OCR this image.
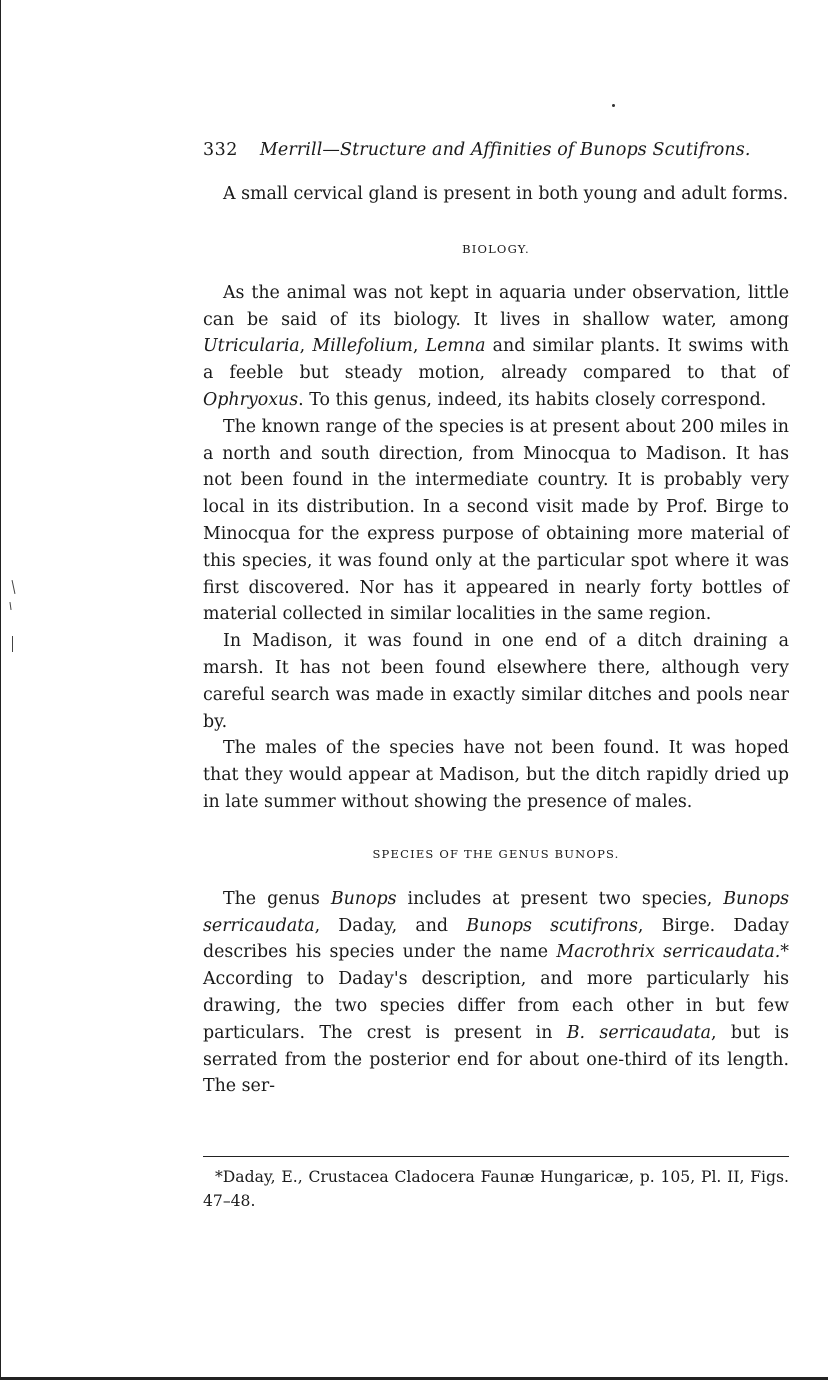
332 Merrill—Structure and Affinities of Bunops Scutifrons.

A small cervical gland is present in both young and adult forms.

BIOLOGY.

As the animal was not kept in aquaria under observation, little can be said of its biology. It lives in shallow water, among Utricularia, Millefolium, Lemna and similar plants. It swims with a feeble but steady motion, already compared to that of Ophryoxus. To this genus, indeed, its habits closely correspond.

The known range of the species is at present about 200 miles in a north and south direction, from Minocqua to Madison. It has not been found in the intermediate country. It is probably very local in its distribution. In a second visit made by Prof. Birge to Minocqua for the express purpose of obtaining more material of this species, it was found only at the particular spot where it was first discovered. Nor has it appeared in nearly forty bottles of material collected in similar localities in the same region.

In Madison, it was found in one end of a ditch draining a marsh. It has not been found elsewhere there, although very careful search was made in exactly similar ditches and pools near by.

The males of the species have not been found. It was hoped that they would appear at Madison, but the ditch rapidly dried up in late summer without showing the presence of males.

SPECIES OF THE GENUS BUNOPS.

The genus Bunops includes at present two species, Bunops serricaudata, Daday, and Bunops scutifrons, Birge. Daday describes his species under the name Macrothrix serricaudata.* According to Daday's description, and more particularly his drawing, the two species differ from each other in but few particulars. The crest is present in B. serricaudata, but is serrated from the posterior end for about one-third of its length. The ser-

*Daday, E., Crustacea Cladocera Faunæ Hungaricæ, p. 105, Pl. II, Figs. 47–48.
